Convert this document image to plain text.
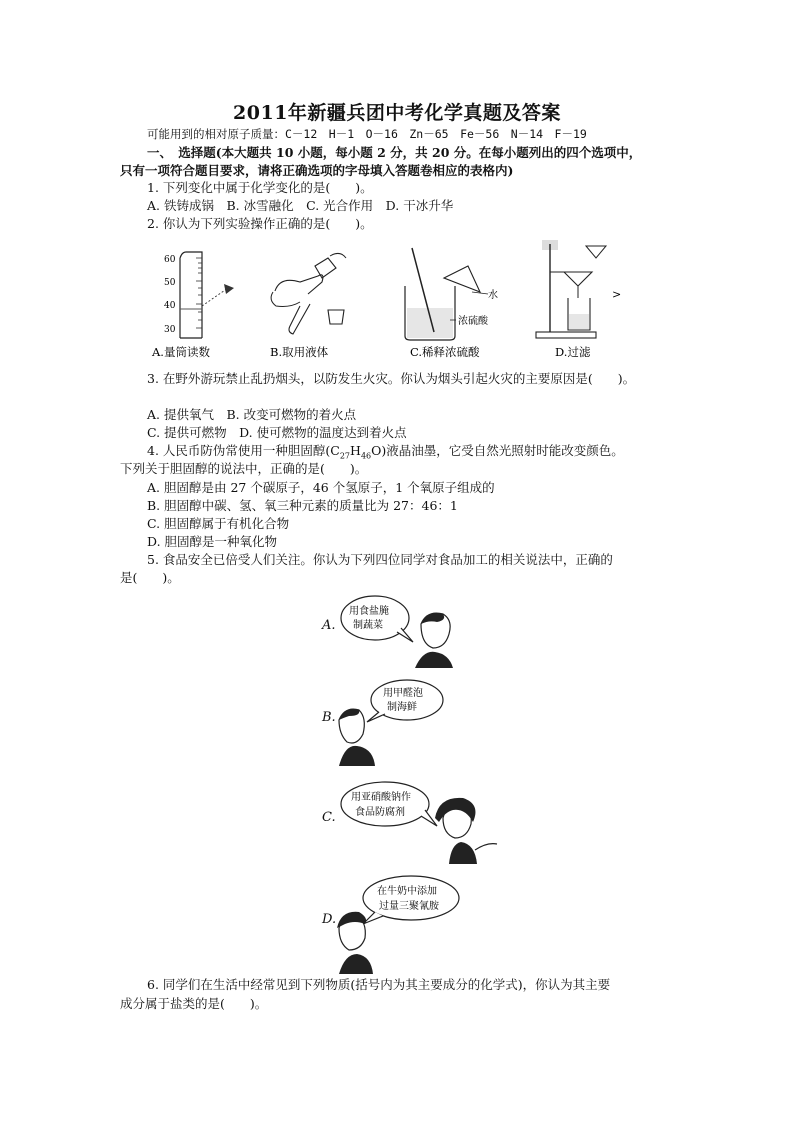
2011年新疆兵团中考化学真题及答案
可能用到的相对原子质量：C－12　H－1　O－16　Zn－65　Fe－56　N－14　F－19
一、　选择题(本大题共 10 小题，每小题 2 分，共 20 分。在每小题列出的四个选项中，
只有一项符合题目要求，请将正确选项的字母填入答题卷相应的表格内)
1. 下列变化中属于化学变化的是(　　)。
A. 铁铸成锅　B. 冰雪融化　C. 光合作用　D. 干冰升华
2. 你认为下列实验操作正确的是(　　)。
60
50
40
30
水
浓硫酸
>
A.量筒读数	B.取用液体	C.稀释浓硫酸	D.过滤
3. 在野外游玩禁止乱扔烟头，以防发生火灾。你认为烟头引起火灾的主要原因是(　　)。
A. 提供氧气　B. 改变可燃物的着火点
C. 提供可燃物　D. 使可燃物的温度达到着火点
4. 人民币防伪常使用一种胆固醇$(C_{27}H_{46}O)$液晶油墨，它受自然光照射时能改变颜色。
下列关于胆固醇的说法中，正确的是(　　)。
A. 胆固醇是由 27 个碳原子，46 个氢原子，1 个氧原子组成的
B. 胆固醇中碳、氢、氧三种元素的质量比为 27：46：1
C. 胆固醇属于有机化合物
D. 胆固醇是一种氧化物
5. 食品安全已倍受人们关注。你认为下列四位同学对食品加工的相关说法中，正确的
是(　　)。
A.
用食盐腌
制蔬菜
B.
用甲醛泡
制海鲜
C.
用亚硝酸钠作
食品防腐剂
D.
在牛奶中添加
过量三聚氰胺
6. 同学们在生活中经常见到下列物质(括号内为其主要成分的化学式)，你认为其主要
成分属于盐类的是(　　)。
